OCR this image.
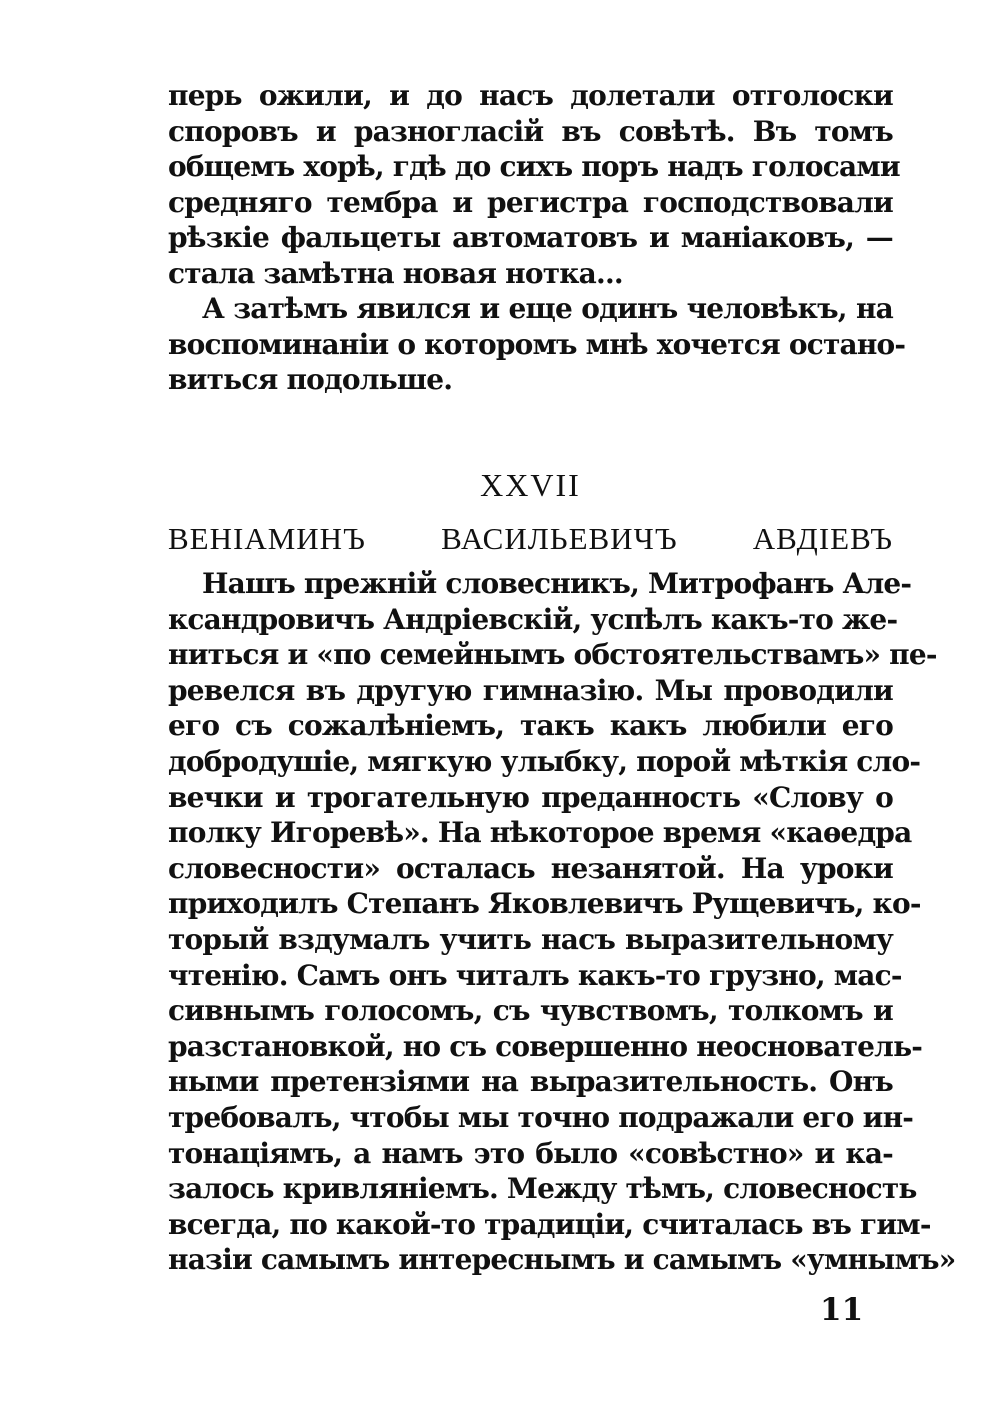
перь ожили, и до насъ долетали отголоски
споровъ и разногласій въ совѣтѣ. Въ томъ
общемъ хорѣ, гдѣ до сихъ поръ надъ голосами
средняго тембра и регистра господствовали
рѣзкіе фальцеты автоматовъ и маніаковъ, —
стала замѣтна новая нотка...
А затѣмъ явился и еще одинъ человѣкъ, на
воспоминаніи о которомъ мнѣ хочется остано-
виться подольше.
XXVII
ВЕНІАМИНЪ ВАСИЛЬЕВИЧЪ АВДІЕВЪ
Нашъ прежній словесникъ, Митрофанъ Але-
ксандровичъ Андріевскій, успѣлъ какъ-то же-
ниться и «по семейнымъ обстоятельствамъ» пе-
ревелся въ другую гимназію. Мы проводили
его съ сожалѣніемъ, такъ какъ любили его
добродушіе, мягкую улыбку, порой мѣткія сло-
вечки и трогательную преданность «Слову о
полку Игоревѣ». На нѣкоторое время «каѳедра
словесности» осталась незанятой. На уроки
приходилъ Степанъ Яковлевичъ Рущевичъ, ко-
торый вздумалъ учить насъ выразительному
чтенію. Самъ онъ читалъ какъ-то грузно, мас-
сивнымъ голосомъ, съ чувствомъ, толкомъ и
разстановкой, но съ совершенно неоснователь-
ными претензіями на выразительность. Онъ
требовалъ, чтобы мы точно подражали его ин-
тонаціямъ, а намъ это было «совѣстно» и ка-
залось кривляніемъ. Между тѣмъ, словесность
всегда, по какой-то традиціи, считалась въ гим-
назіи самымъ интереснымъ и самымъ «умнымъ»
11
